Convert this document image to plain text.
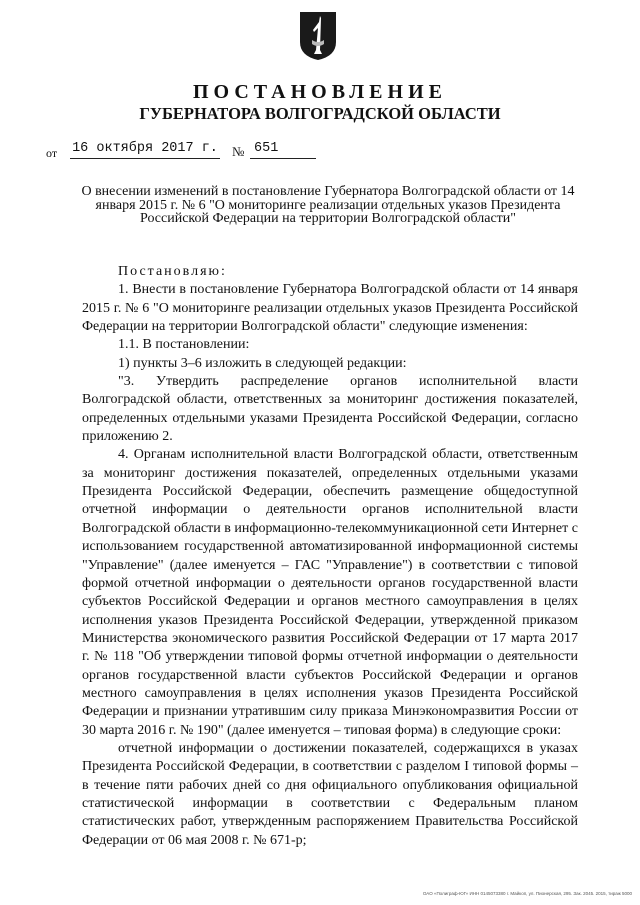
ПОСТАНОВЛЕНИЕ
ГУБЕРНАТОРА ВОЛГОГРАДСКОЙ ОБЛАСТИ
от 16 октября 2017 г. № 651
О внесении изменений в постановление Губернатора Волгоградской области от 14 января 2015 г. № 6 "О мониторинге реализации отдельных указов Президента Российской Федерации на территории Волгоградской области"

Постановляю:

1. Внести в постановление Губернатора Волгоградской области от 14 января 2015 г. № 6 "О мониторинге реализации отдельных указов Президента Российской Федерации на территории Волгоградской области" следующие изменения:

1.1. В постановлении:

1) пункты 3–6 изложить в следующей редакции:

"3. Утвердить распределение органов исполнительной власти Волгоградской области, ответственных за мониторинг достижения показателей, определенных отдельными указами Президента Российской Федерации, согласно приложению 2.

4. Органам исполнительной власти Волгоградской области, ответственным за мониторинг достижения показателей, определенных отдельными указами Президента Российской Федерации, обеспечить размещение общедоступной отчетной информации о деятельности органов исполнительной власти Волгоградской области в информационно-телекоммуникационной сети Интернет с использованием государственной автоматизированной информационной системы "Управление" (далее именуется – ГАС "Управление") в соответствии с типовой формой отчетной информации о деятельности органов государственной власти субъектов Российской Федерации и органов местного самоуправления в целях исполнения указов Президента Российской Федерации, утвержденной приказом Министерства экономического развития Российской Федерации от 17 марта 2017 г. № 118 "Об утверждении типовой формы отчетной информации о деятельности органов государственной власти субъектов Российской Федерации и органов местного самоуправления в целях исполнения указов Президента Российской Федерации и признании утратившим силу приказа Минэкономразвития России от 30 марта 2016 г. № 190" (далее именуется – типовая форма) в следующие сроки:

отчетной информации о достижении показателей, содержащихся в указах Президента Российской Федерации, в соответствии с разделом I типовой формы – в течение пяти рабочих дней со дня официального опубликования официальной статистической информации в соответствии с Федеральным планом статистических работ, утвержденным распоряжением Правительства Российской Федерации от 06 мая 2008 г. № 671-р;

ОАО «Полиграф-ЮГ» ИНН 0145073380 г. Майкоп, ул. Пионерская, 295. Зак. 2045. 2015, тираж 5000
